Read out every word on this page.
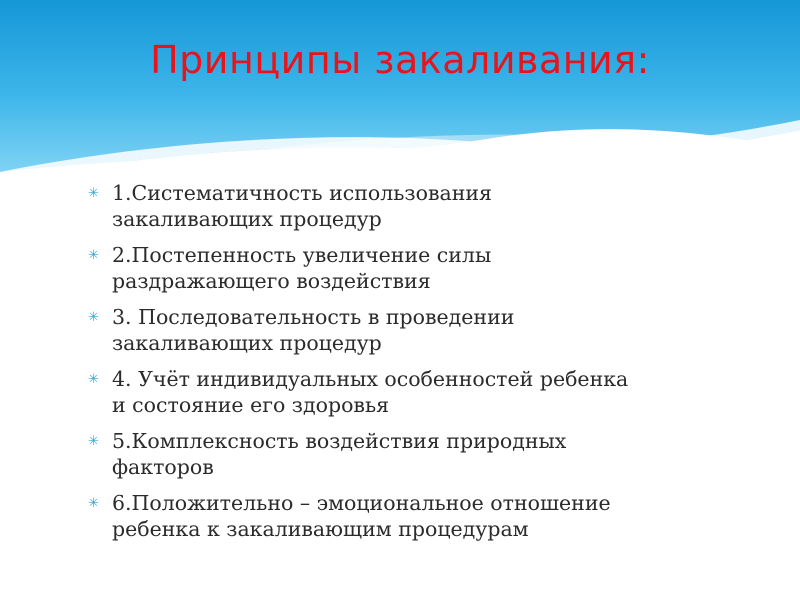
Принципы закаливания:
✳ 1.Систематичность использования
закаливающих процедур
✳ 2.Постепенность увеличение силы
раздражающего воздействия
✳ 3. Последовательность в проведении
закаливающих процедур
✳ 4. Учёт индивидуальных особенностей ребенка
и состояние его здоровья
✳ 5.Комплексность воздействия природных
факторов
✳ 6.Положительно – эмоциональное отношение
ребенка к закаливающим процедурам
